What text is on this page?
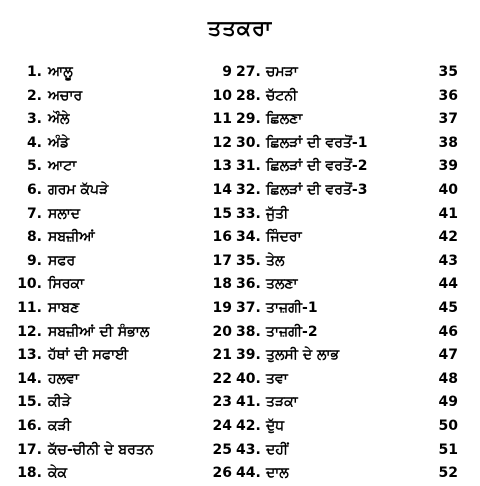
ਤਤਕਰਾ
1. ਆਲੂ	9
2. ਅਚਾਰ	10
3. ਔਲੇ	11
4. ਅੰਡੇ	12
5. ਆਟਾ	13
6. ਗਰਮ ਕੱਪੜੇ	14
7. ਸਲਾਦ	15
8. ਸਬਜ਼ੀਆਂ	16
9. ਸਫਰ	17
10. ਸਿਰਕਾ	18
11. ਸਾਬਣ	19
12. ਸਬਜ਼ੀਆਂ ਦੀ ਸੰਭਾਲ	20
13. ਹੱਥਾਂ ਦੀ ਸਫਾਈ	21
14. ਹਲਵਾ	22
15. ਕੀੜੇ	23
16. ਕੜੀ	24
17. ਕੱਚ-ਚੀਨੀ ਦੇ ਬਰਤਨ	25
18. ਕੇਕ	26
27. ਚਮੜਾ	35
28. ਚੱਟਨੀ	36
29. ਛਿਲਣਾ	37
30. ਛਿਲੜਾਂ ਦੀ ਵਰਤੋਂ-1	38
31. ਛਿਲੜਾਂ ਦੀ ਵਰਤੋਂ-2	39
32. ਛਿਲੜਾਂ ਦੀ ਵਰਤੋਂ-3	40
33. ਜੁੱਤੀ	41
34. ਜਿੰਦਰਾ	42
35. ਤੇਲ	43
36. ਤਲਣਾ	44
37. ਤਾਜ਼ਗੀ-1	45
38. ਤਾਜ਼ਗੀ-2	46
39. ਤੁਲਸੀ ਦੇ ਲਾਭ	47
40. ਤਵਾ	48
41. ਤੜਕਾ	49
42. ਦੁੱਧ	50
43. ਦਹੀਂ	51
44. ਦਾਲ	52
